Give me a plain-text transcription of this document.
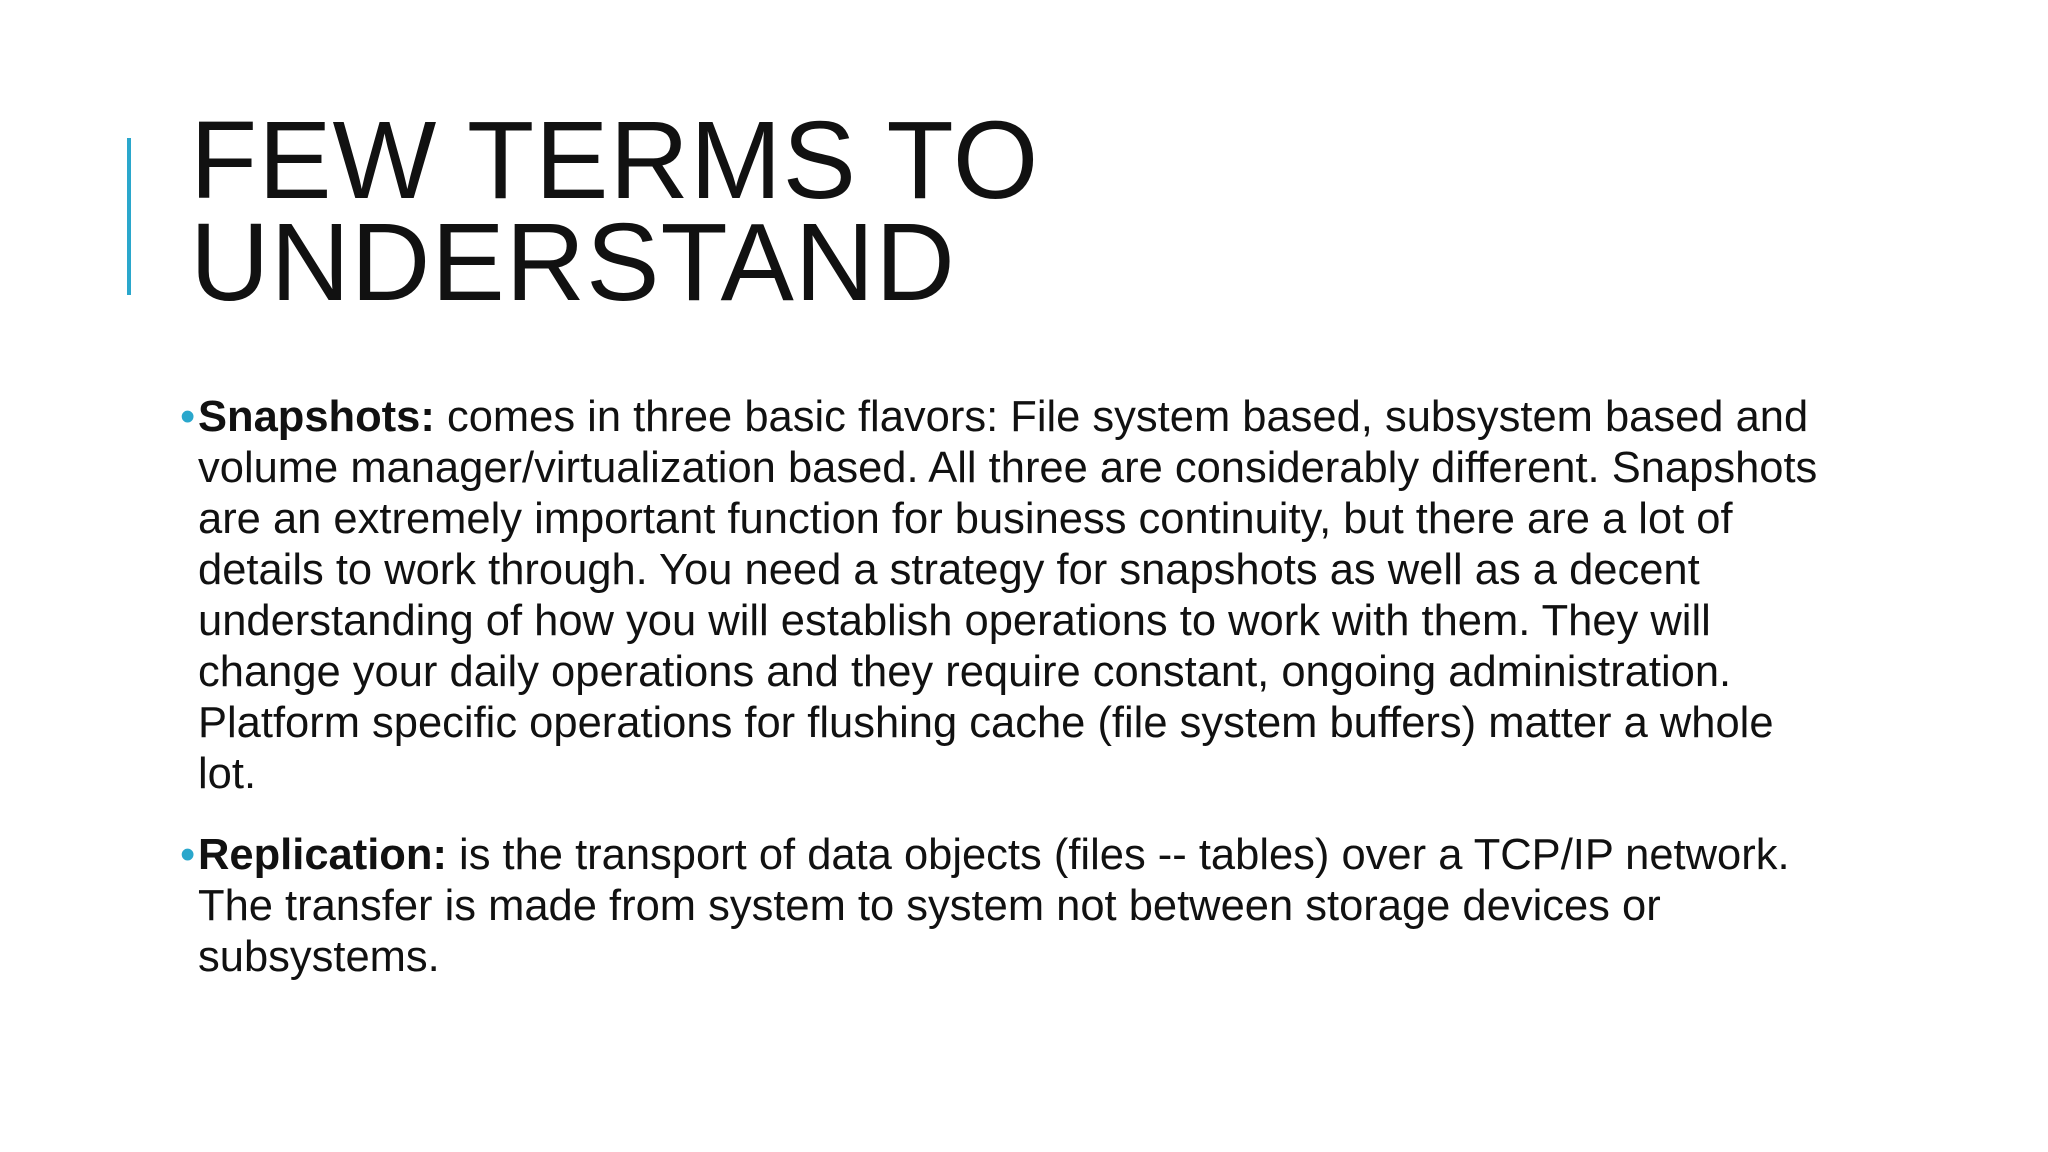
FEW TERMS TO
UNDERSTAND
• Snapshots: comes in three basic flavors: File system based, subsystem based and volume manager/virtualization based. All three are considerably different. Snapshots are an extremely important function for business continuity, but there are a lot of details to work through. You need a strategy for snapshots as well as a decent understanding of how you will establish operations to work with them. They will change your daily operations and they require constant, ongoing administration. Platform specific operations for flushing cache (file system buffers) matter a whole lot.
• Replication: is the transport of data objects (files -- tables) over a TCP/IP network. The transfer is made from system to system not between storage devices or subsystems.
